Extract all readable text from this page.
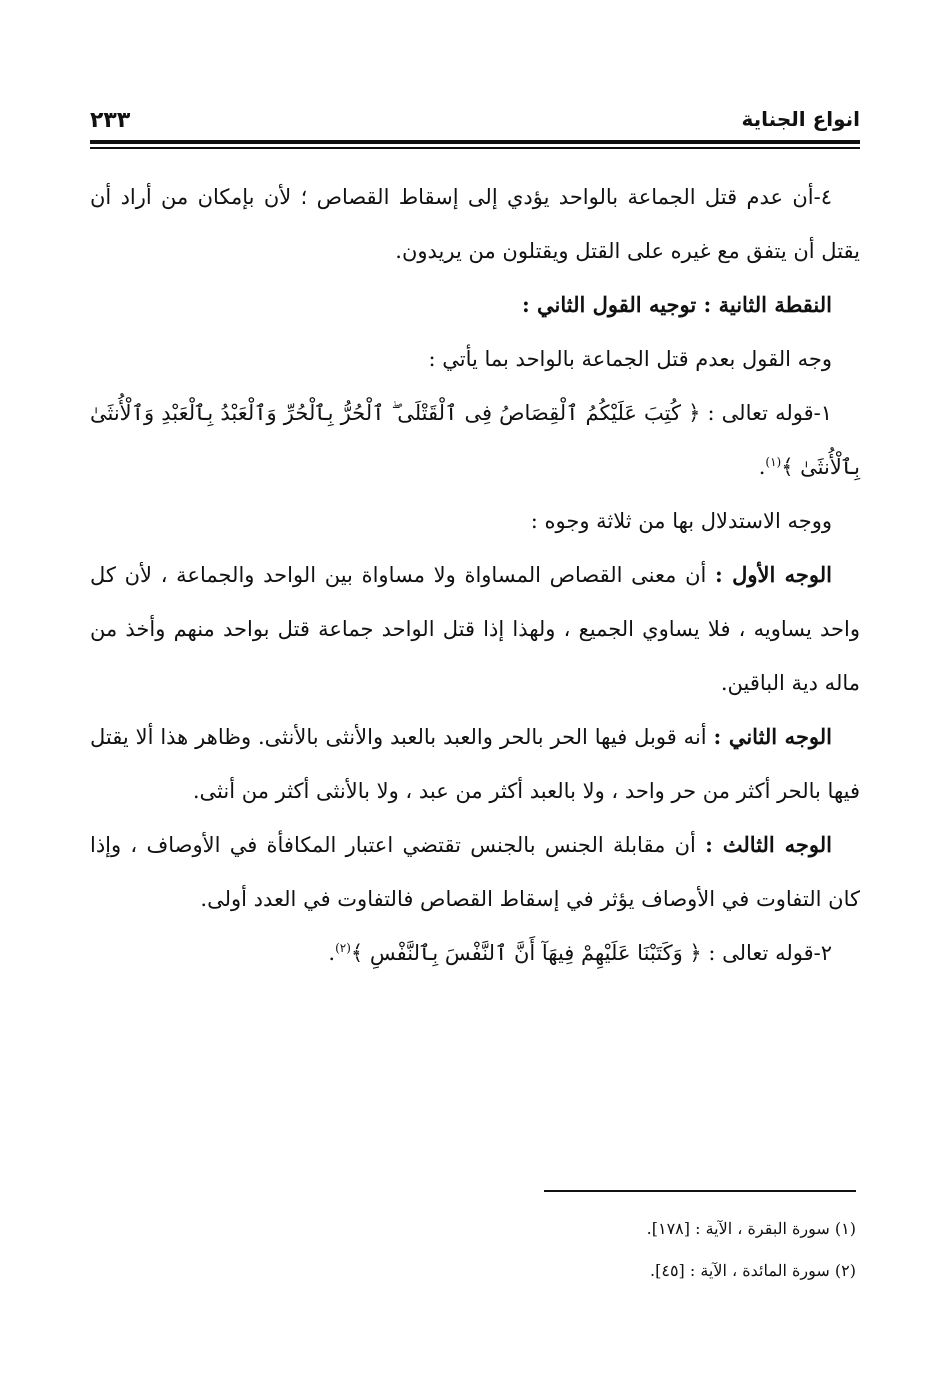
انواع الجناية
٢٣٣

٤-أن عدم قتل الجماعة بالواحد يؤدي إلى إسقاط القصاص ؛ لأن بإمكان من أراد أن يقتل أن يتفق مع غيره على القتل ويقتلون من يريدون.

النقطة الثانية : توجيه القول الثاني :

وجه القول بعدم قتل الجماعة بالواحد بما يأتي :

١-قوله تعالى : ﴿ كُتِبَ عَلَيْكُمُ ٱلْقِصَاصُ فِى ٱلْقَتْلَى ۖ ٱلْحُرُّ بِٱلْحُرِّ وَٱلْعَبْدُ بِٱلْعَبْدِ وَٱلْأُنثَىٰ بِٱلْأُنثَىٰ ﴾$^{(١)}$.

ووجه الاستدلال بها من ثلاثة وجوه :

الوجه الأول : أن معنى القصاص المساواة ولا مساواة بين الواحد والجماعة ، لأن كل واحد يساويه ، فلا يساوي الجميع ، ولهذا إذا قتل الواحد جماعة قتل بواحد منهم وأخذ من ماله دية الباقين.

الوجه الثاني : أنه قوبل فيها الحر بالحر والعبد بالعبد والأنثى بالأنثى. وظاهر هذا ألا يقتل فيها بالحر أكثر من حر واحد ، ولا بالعبد أكثر من عبد ، ولا بالأنثى أكثر من أنثى.

الوجه الثالث : أن مقابلة الجنس بالجنس تقتضي اعتبار المكافأة في الأوصاف ، وإذا كان التفاوت في الأوصاف يؤثر في إسقاط القصاص فالتفاوت في العدد أولى.

٢-قوله تعالى : ﴿ وَكَتَبْنَا عَلَيْهِمْ فِيهَآ أَنَّ ٱلنَّفْسَ بِٱلنَّفْسِ ﴾$^{(٢)}$.

(١) سورة البقرة ، الآية : [١٧٨].

(٢) سورة المائدة ، الآية : [٤٥].
